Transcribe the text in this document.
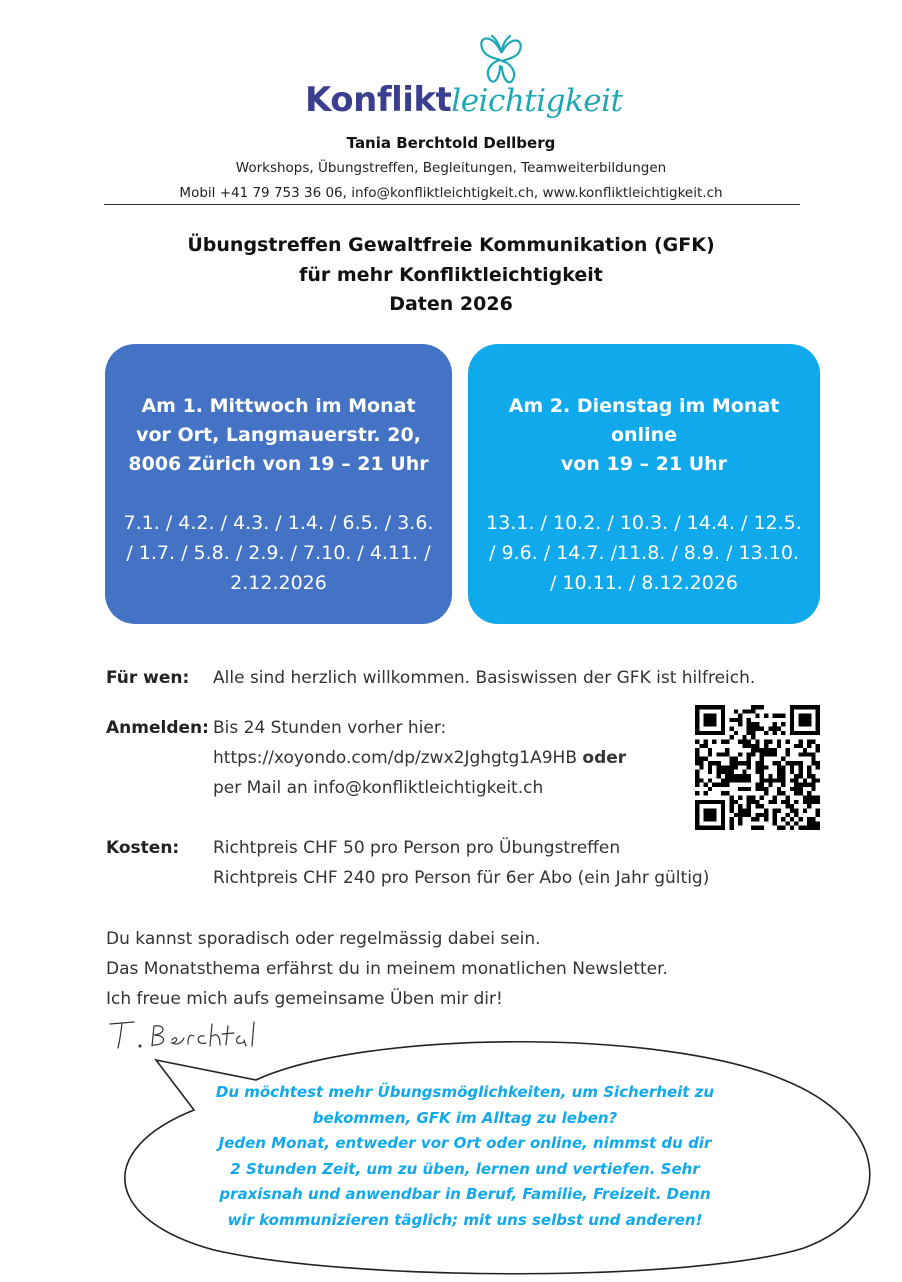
Konfliktleichtigkeit
Tania Berchtold Dellberg
Workshops, Übungstreffen, Begleitungen, Teamweiterbildungen
Mobil +41 79 753 36 06, info@konfliktleichtigkeit.ch, www.konfliktleichtigkeit.ch
Übungstreffen Gewaltfreie Kommunikation (GFK)
für mehr Konfliktleichtigkeit
Daten 2026
Am 1. Mittwoch im Monat
vor Ort, Langmauerstr. 20,
8006 Zürich von 19 – 21 Uhr
7.1. / 4.2. / 4.3. / 1.4. / 6.5. / 3.6.
/ 1.7. / 5.8. / 2.9. / 7.10. / 4.11. /
2.12.2026
Am 2. Dienstag im Monat
online
von 19 – 21 Uhr
13.1. / 10.2. / 10.3. / 14.4. / 12.5.
/ 9.6. / 14.7. /11.8. / 8.9. / 13.10.
/ 10.11. / 8.12.2026
Für wen: Alle sind herzlich willkommen. Basiswissen der GFK ist hilfreich.
Anmelden: Bis 24 Stunden vorher hier:
https://xoyondo.com/dp/zwx2Jghgtg1A9HB oder
per Mail an info@konfliktleichtigkeit.ch
Kosten: Richtpreis CHF 50 pro Person pro Übungstreffen
Richtpreis CHF 240 pro Person für 6er Abo (ein Jahr gültig)
Du kannst sporadisch oder regelmässig dabei sein.
Das Monatsthema erfährst du in meinem monatlichen Newsletter.
Ich freue mich aufs gemeinsame Üben mir dir!
Du möchtest mehr Übungsmöglichkeiten, um Sicherheit zu
bekommen, GFK im Alltag zu leben?
Jeden Monat, entweder vor Ort oder online, nimmst du dir
2 Stunden Zeit, um zu üben, lernen und vertiefen. Sehr
praxisnah und anwendbar in Beruf, Familie, Freizeit. Denn
wir kommunizieren täglich; mit uns selbst und anderen!
